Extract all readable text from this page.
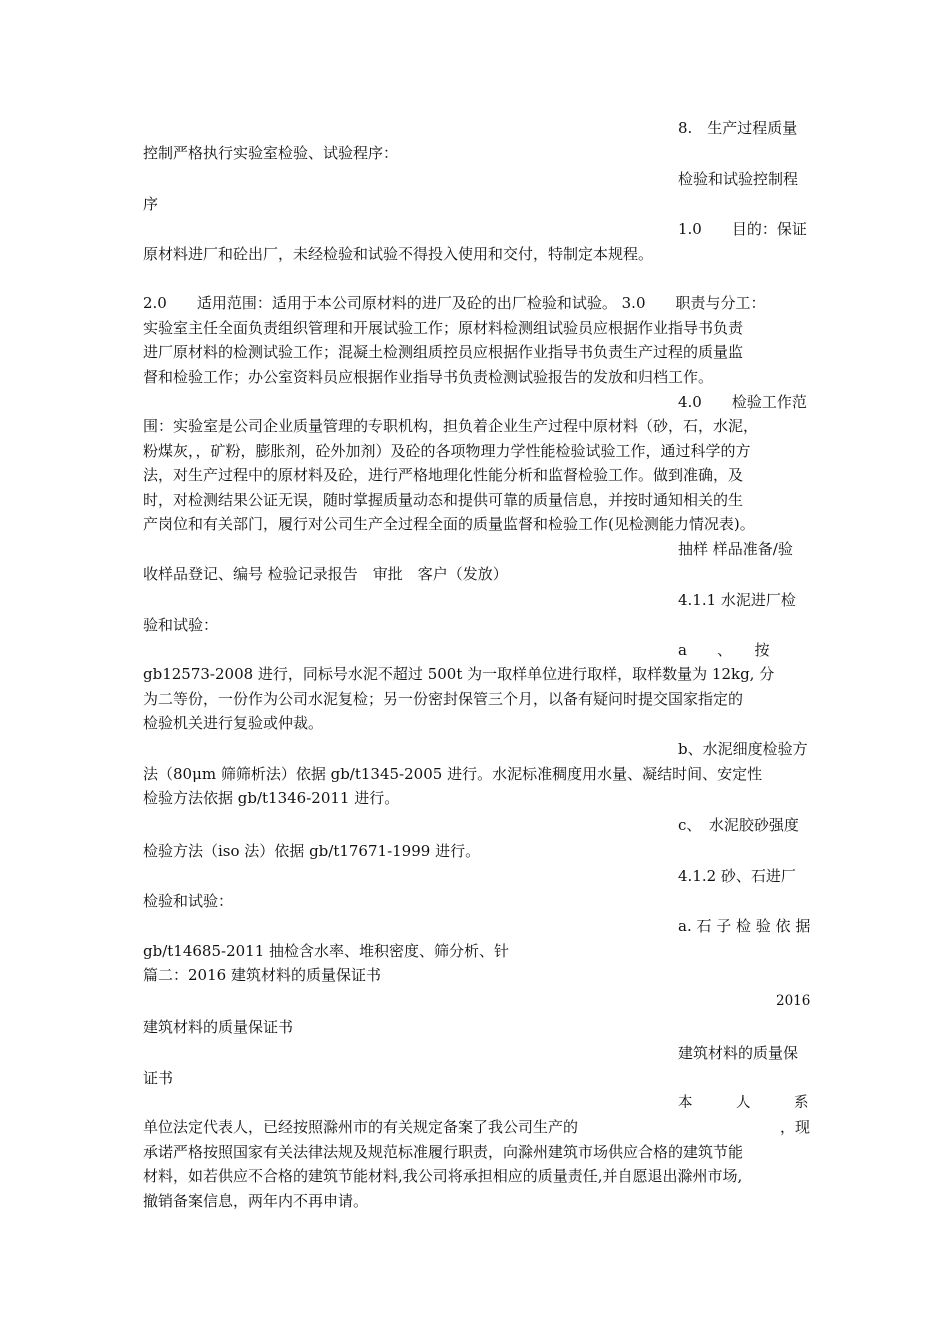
8.　生产过程质量

控制严格执行实验室检验、试验程序：

检验和试验控制程

序

1.0　　目的：保证

原材料进厂和砼出厂，未经检验和试验不得投入使用和交付，特制定本规程。

2.0　　适用范围：适用于本公司原材料的进厂及砼的出厂检验和试验。 3.0　　职责与分工：

实验室主任全面负责组织管理和开展试验工作；原材料检测组试验员应根据作业指导书负责

进厂原材料的检测试验工作；混凝土检测组质控员应根据作业指导书负责生产过程的质量监

督和检验工作；办公室资料员应根据作业指导书负责检测试验报告的发放和归档工作。

4.0　　检验工作范

围：实验室是公司企业质量管理的专职机构，担负着企业生产过程中原材料（砂，石，水泥，

粉煤灰，，矿粉，膨胀剂，砼外加剂）及砼的各项物理力学性能检验试验工作，通过科学的方

法，对生产过程中的原材料及砼，进行严格地理化性能分析和监督检验工作。做到准确，及

时，对检测结果公证无误，随时掌握质量动态和提供可靠的质量信息，并按时通知相关的生

产岗位和有关部门，履行对公司生产全过程全面的质量监督和检验工作(见检测能力情况表)。

抽样 样品准备/验

收样品登记、编号 检验记录报告　审批　客户（发放）

4.1.1 水泥进厂检

验和试验：

a　　、　　按

gb12573-2008 进行，同标号水泥不超过 500t 为一取样单位进行取样，取样数量为 12kg, 分

为二等份，一份作为公司水泥复检；另一份密封保管三个月，以备有疑问时提交国家指定的

检验机关进行复验或仲裁。

b、水泥细度检验方

法（80μm 筛筛析法）依据 gb/t1345-2005 进行。水泥标准稠度用水量、凝结时间、安定性

检验方法依据 gb/t1346-2011 进行。

c、　水泥胶砂强度

检验方法（iso 法）依据 gb/t17671-1999 进行。

4.1.2 砂、石进厂

检验和试验：

a. 石 子 检 验 依 据

gb/t14685-2011 抽检含水率、堆积密度、筛分析、针

篇二：2016 建筑材料的质量保证书

2016

建筑材料的质量保证书

建筑材料的质量保

证书

本　　　人　　　系

单位法定代表人，已经按照滁州市的有关规定备案了我公司生产的	，现

承诺严格按照国家有关法律法规及规范标准履行职责，向滁州建筑市场供应合格的建筑节能

材料，如若供应不合格的建筑节能材料,我公司将承担相应的质量责任,并自愿退出滁州市场,

撤销备案信息，两年内不再申请。
